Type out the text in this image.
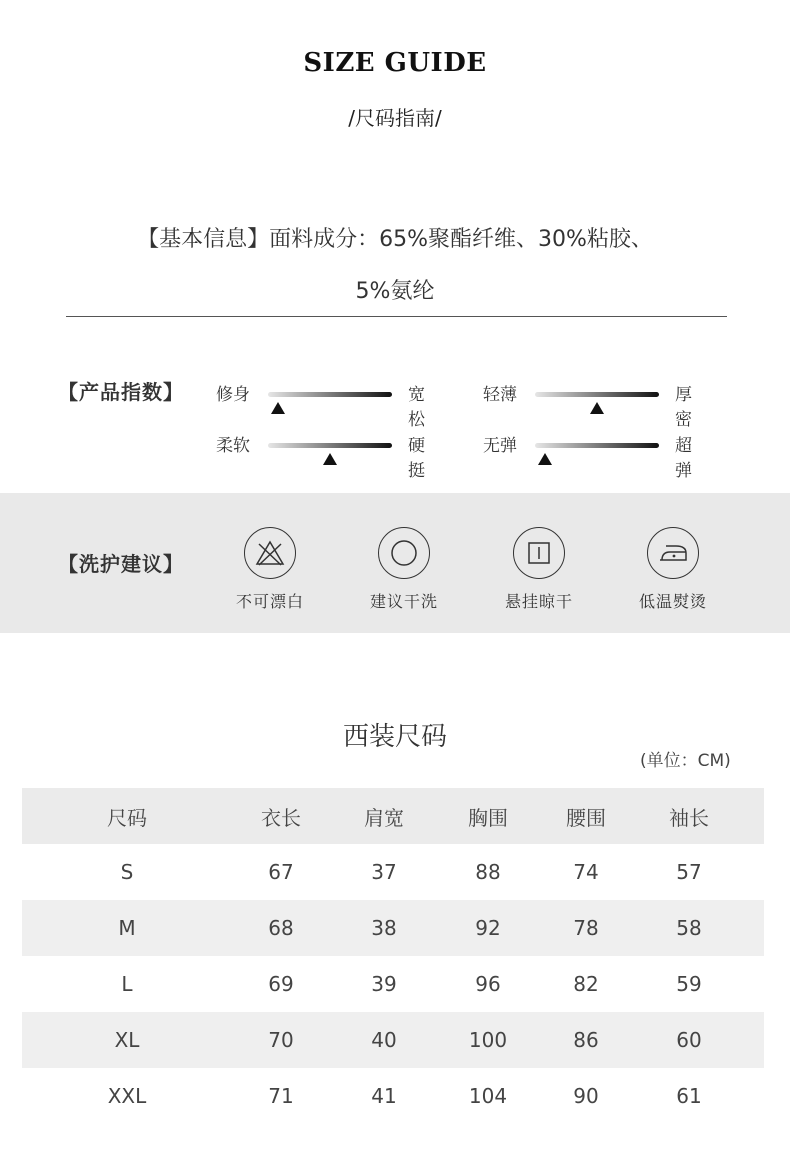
SIZE GUIDE
/尺码指南/
【基本信息】面料成分：65%聚酯纤维、30%粘胶、
5%氨纶
【产品指数】 修身	宽松
轻薄	厚密
柔软	硬挺
无弹	超弹
【洗护建议】
不可漂白	建议干洗	悬挂晾干	低温熨烫
西装尺码
(单位：CM)
尺码	衣长	肩宽	胸围	腰围	袖长	
S	67	37	88	74	57	
M	68	38	92	78	58	
L	69	39	96	82	59	
XL	70	40	100	86	60	
XXL	71	41	104	90	61	
